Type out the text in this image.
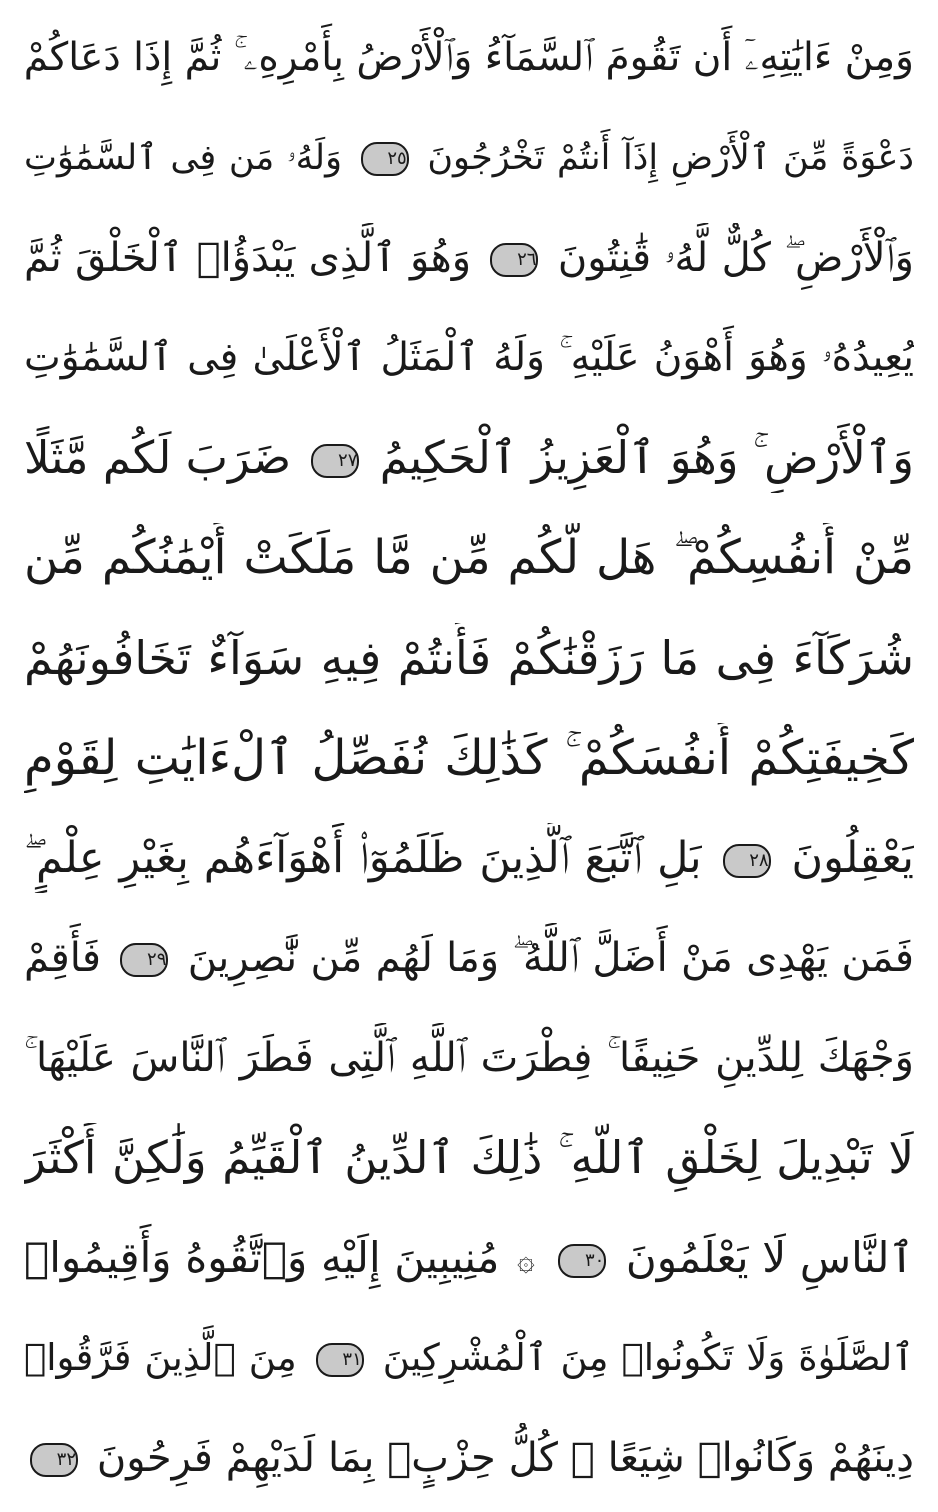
وَمِنْ ءَايَٰتِهِۦٓ أَن تَقُومَ ٱلسَّمَآءُ وَٱلْأَرْضُ بِأَمْرِهِۦ ۚ ثُمَّ إِذَا دَعَاكُمْ
دَعْوَةً مِّنَ ٱلْأَرْضِ إِذَآ أَنتُمْ تَخْرُجُونَ ٢٥ وَلَهُۥ مَن فِى ٱلسَّمَٰوَٰتِ
وَٱلْأَرْضِ ۖ كُلٌّ لَّهُۥ قَٰنِتُونَ ٢٦ وَهُوَ ٱلَّذِى يَبْدَؤُا۟ ٱلْخَلْقَ ثُمَّ
يُعِيدُهُۥ وَهُوَ أَهْوَنُ عَلَيْهِ ۚ وَلَهُ ٱلْمَثَلُ ٱلْأَعْلَىٰ فِى ٱلسَّمَٰوَٰتِ
وَٱلْأَرْضِ ۚ وَهُوَ ٱلْعَزِيزُ ٱلْحَكِيمُ ٢٧ ضَرَبَ لَكُم مَّثَلًا
مِّنْ أَنفُسِكُمْ ۖ هَل لَّكُم مِّن مَّا مَلَكَتْ أَيْمَٰنُكُم مِّن
شُرَكَآءَ فِى مَا رَزَقْنَٰكُمْ فَأَنتُمْ فِيهِ سَوَآءٌ تَخَافُونَهُمْ
كَخِيفَتِكُمْ أَنفُسَكُمْ ۚ كَذَٰلِكَ نُفَصِّلُ ٱلْءَايَٰتِ لِقَوْمٍ
يَعْقِلُونَ ٢٨ بَلِ ٱتَّبَعَ ٱلَّذِينَ ظَلَمُوٓا۟ أَهْوَآءَهُم بِغَيْرِ عِلْمٍ ۖ
فَمَن يَهْدِى مَنْ أَضَلَّ ٱللَّهُ ۖ وَمَا لَهُم مِّن نَّٰصِرِينَ ٢٩ فَأَقِمْ
وَجْهَكَ لِلدِّينِ حَنِيفًا ۚ فِطْرَتَ ٱللَّهِ ٱلَّتِى فَطَرَ ٱلنَّاسَ عَلَيْهَا ۚ
لَا تَبْدِيلَ لِخَلْقِ ٱللَّهِ ۚ ذَٰلِكَ ٱلدِّينُ ٱلْقَيِّمُ وَلَٰكِنَّ أَكْثَرَ
ٱلنَّاسِ لَا يَعْلَمُونَ ٣٠ ۞ مُنِيبِينَ إِلَيْهِ وَٱتَّقُوهُ وَأَقِيمُوا۟
ٱلصَّلَوٰةَ وَلَا تَكُونُوا۟ مِنَ ٱلْمُشْرِكِينَ ٣١ مِنَ ٱلَّذِينَ فَرَّقُوا۟
دِينَهُمْ وَكَانُوا۟ شِيَعًا ۖ كُلُّ حِزْبٍۭ بِمَا لَدَيْهِمْ فَرِحُونَ ٣٢
